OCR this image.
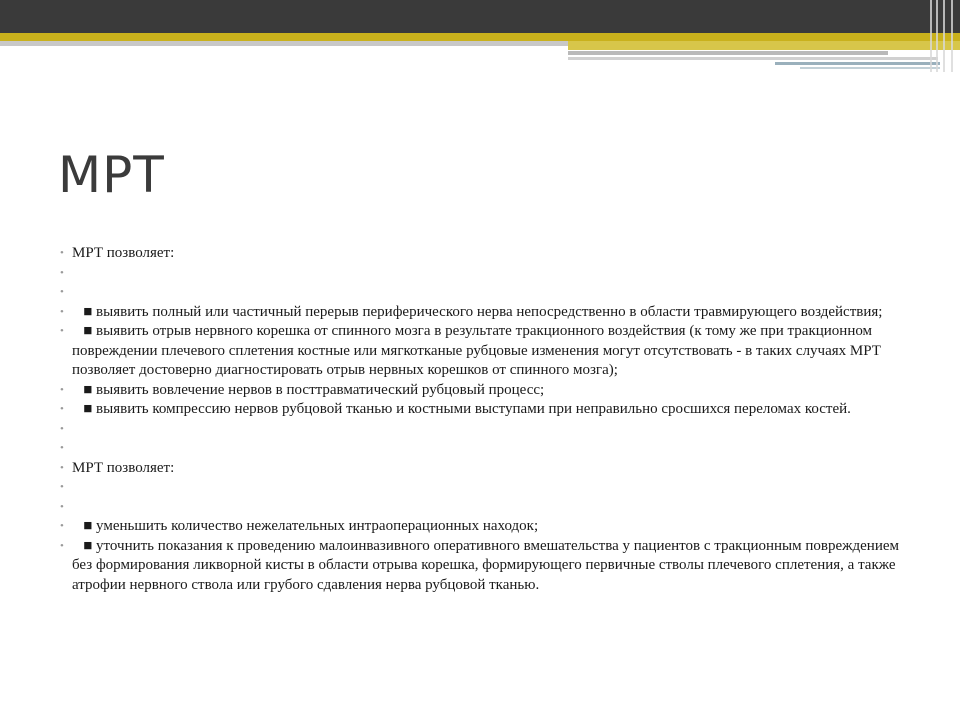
МРТ
• МРТ позволяет:
•
•
• ■ выявить полный или частичный перерыв периферического нерва непосредственно в области травмирующего воздействия;
• ■ выявить отрыв нервного корешка от спинного мозга в результате тракционного воздействия (к тому же при тракционном повреждении плечевого сплетения костные или мягкотканые рубцовые изменения могут отсутствовать - в таких случаях МРТ позволяет достоверно диагностировать отрыв нервных корешков от спинного мозга);
• ■ выявить вовлечение нервов в посттравматический рубцовый процесс;
• ■ выявить компрессию нервов рубцовой тканью и костными выступами при неправильно сросшихся переломах костей.
•
•
• МРТ позволяет:
•
•
• ■ уменьшить количество нежелательных интраоперационных находок;
• ■ уточнить показания к проведению малоинвазивного оперативного вмешательства у пациентов с тракционным повреждением без формирования ликворной кисты в области отрыва корешка, формирующего первичные стволы плечевого сплетения, а также атрофии нервного ствола или грубого сдавления нерва рубцовой тканью.
